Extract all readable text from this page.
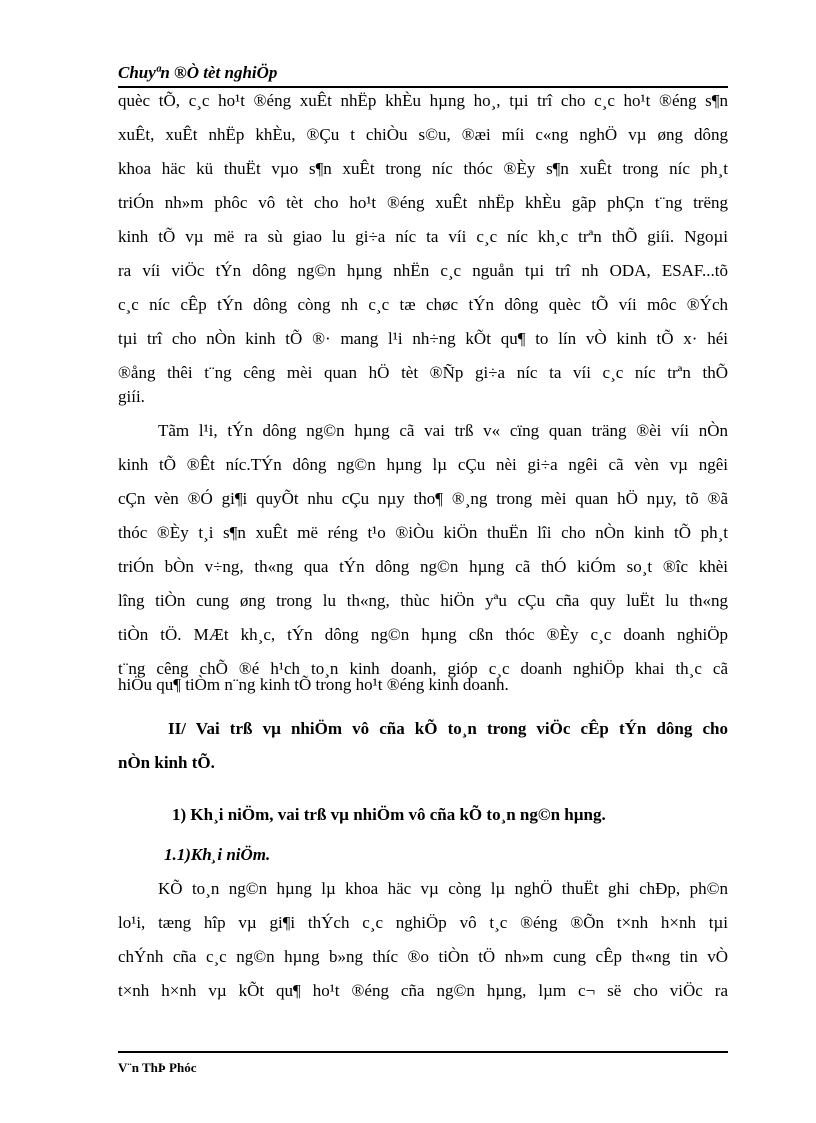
Chuyªn ®Ò tèt nghiÖp
quèc tÕ, c¸c ho¹t ®éng xuÊt nhËp khÈu hµng ho¸, tµi trî cho c¸c ho¹t ®éng s¶n
xuÊt, xuÊt nhËp khÈu, ®Çu t chiÒu s©u, ®æi míi c«ng nghÖ vµ øng dông
khoa häc kü thuËt vµo s¶n xuÊt trong níc thóc ®Èy s¶n xuÊt trong níc ph¸t
triÓn nh»m phôc vô tèt cho ho¹t ®éng xuÊt nhËp khÈu gãp phÇn t¨ng trëng
kinh tÕ vµ më ra sù giao lu gi÷a níc ta víi c¸c níc kh¸c trªn thÕ giíi. Ngoµi
ra víi viÖc tÝn dông ng©n hµng nhËn c¸c nguån tµi trî nh ODA, ESAF...tõ
c¸c níc cÊp tÝn dông còng nh c¸c tæ chøc tÝn dông quèc tÕ víi môc ®Ých
tµi trî cho nÒn kinh tÕ ®· mang l¹i nh÷ng kÕt qu¶ to lín vÒ kinh tÕ x· héi
®ång thêi t¨ng cêng mèi quan hÖ tèt ®Ñp gi÷a níc ta víi c¸c níc trªn thÕ
giíi.
Tãm l¹i, tÝn dông ng©n hµng cã vai trß v« cïng quan träng ®èi víi nÒn
kinh tÕ ®Êt níc.TÝn dông ng©n hµng lµ cÇu nèi gi÷a ngêi cã vèn vµ ngêi
cÇn vèn ®Ó gi¶i quyÕt nhu cÇu nµy tho¶ ®¸ng trong mèi quan hÖ nµy, tõ ®ã
thóc ®Èy t¸i s¶n xuÊt më réng t¹o ®iÒu kiÖn thuËn lîi cho nÒn kinh tÕ ph¸t
triÓn bÒn v÷ng, th«ng qua tÝn dông ng©n hµng cã thÓ kiÓm so¸t ®îc khèi
lîng tiÒn cung øng trong lu th«ng, thùc hiÖn yªu cÇu cña quy luËt lu th«ng
tiÒn tÖ. MÆt kh¸c, tÝn dông ng©n hµng cßn thóc ®Èy c¸c doanh nghiÖp
t¨ng cêng chÕ ®é h¹ch to¸n kinh doanh, gióp c¸c doanh nghiÖp khai th¸c cã
hiÖu qu¶ tiÒm n¨ng kinh tÕ trong ho¹t ®éng kinh doanh.
II/ Vai trß vµ nhiÖm vô cña kÕ to¸n trong viÖc cÊp tÝn dông cho
nÒn kinh tÕ.
1) Kh¸i niÖm, vai trß vµ nhiÖm vô cña kÕ to¸n ng©n hµng.
1.1)Kh¸i niÖm.
KÕ to¸n ng©n hµng lµ khoa häc vµ còng lµ nghÖ thuËt ghi chÐp, ph©n
lo¹i, tæng hîp vµ gi¶i thÝch c¸c nghiÖp vô t¸c ®éng ®Õn t×nh h×nh tµi
chÝnh cña c¸c ng©n hµng b»ng thíc ®o tiÒn tÖ nh»m cung cÊp th«ng tin vÒ
t×nh h×nh vµ kÕt qu¶ ho¹t ®éng cña ng©n hµng, lµm c¬ së cho viÖc ra
V¨n ThÞ Phóc
